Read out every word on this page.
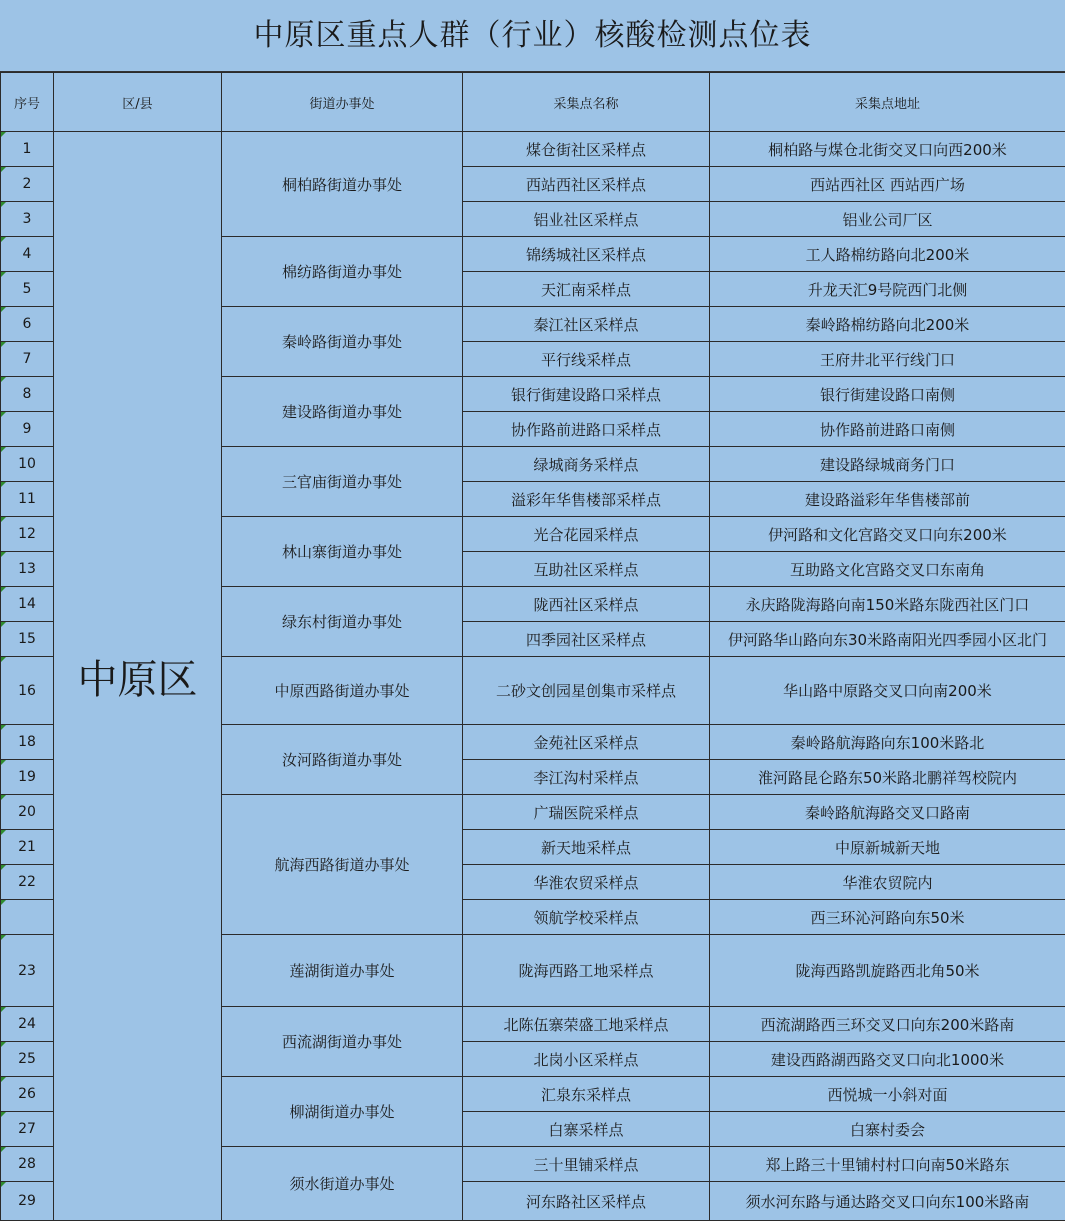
中原区重点人群（行业）核酸检测点位表
序号	区/县	街道办事处	采集点名称	采集点地址
1	中原区	桐柏路街道办事处	煤仓街社区采样点	桐柏路与煤仓北街交叉口向西200米
2			西站西社区采样点	西站西社区 西站西广场
3			铝业社区采样点	铝业公司厂区
4		棉纺路街道办事处	锦绣城社区采样点	工人路棉纺路向北200米
5			天汇南采样点	升龙天汇9号院西门北侧
6		秦岭路街道办事处	秦江社区采样点	秦岭路棉纺路向北200米
7			平行线采样点	王府井北平行线门口
8		建设路街道办事处	银行街建设路口采样点	银行街建设路口南侧
9			协作路前进路口采样点	协作路前进路口南侧
10		三官庙街道办事处	绿城商务采样点	建设路绿城商务门口
11			溢彩年华售楼部采样点	建设路溢彩年华售楼部前
12		林山寨街道办事处	光合花园采样点	伊河路和文化宫路交叉口向东200米
13			互助社区采样点	互助路文化宫路交叉口东南角
14		绿东村街道办事处	陇西社区采样点	永庆路陇海路向南150米路东陇西社区门口
15			四季园社区采样点	伊河路华山路向东30米路南阳光四季园小区北门
16		中原西路街道办事处	二砂文创园星创集市采样点	华山路中原路交叉口向南200米
18		汝河路街道办事处	金苑社区采样点	秦岭路航海路向东100米路北
19			李江沟村采样点	淮河路昆仑路东50米路北鹏祥驾校院内
20		航海西路街道办事处	广瑞医院采样点	秦岭路航海路交叉口路南
21			新天地采样点	中原新城新天地
22			华淮农贸采样点	华淮农贸院内
			领航学校采样点	西三环沁河路向东50米
23		莲湖街道办事处	陇海西路工地采样点	陇海西路凯旋路西北角50米
24		西流湖街道办事处	北陈伍寨荣盛工地采样点	西流湖路西三环交叉口向东200米路南
25			北岗小区采样点	建设西路湖西路交叉口向北1000米
26		柳湖街道办事处	汇泉东采样点	西悦城一小斜对面
27			白寨采样点	白寨村委会
28		须水街道办事处	三十里铺采样点	郑上路三十里铺村村口向南50米路东
29			河东路社区采样点	须水河东路与通达路交叉口向东100米路南
